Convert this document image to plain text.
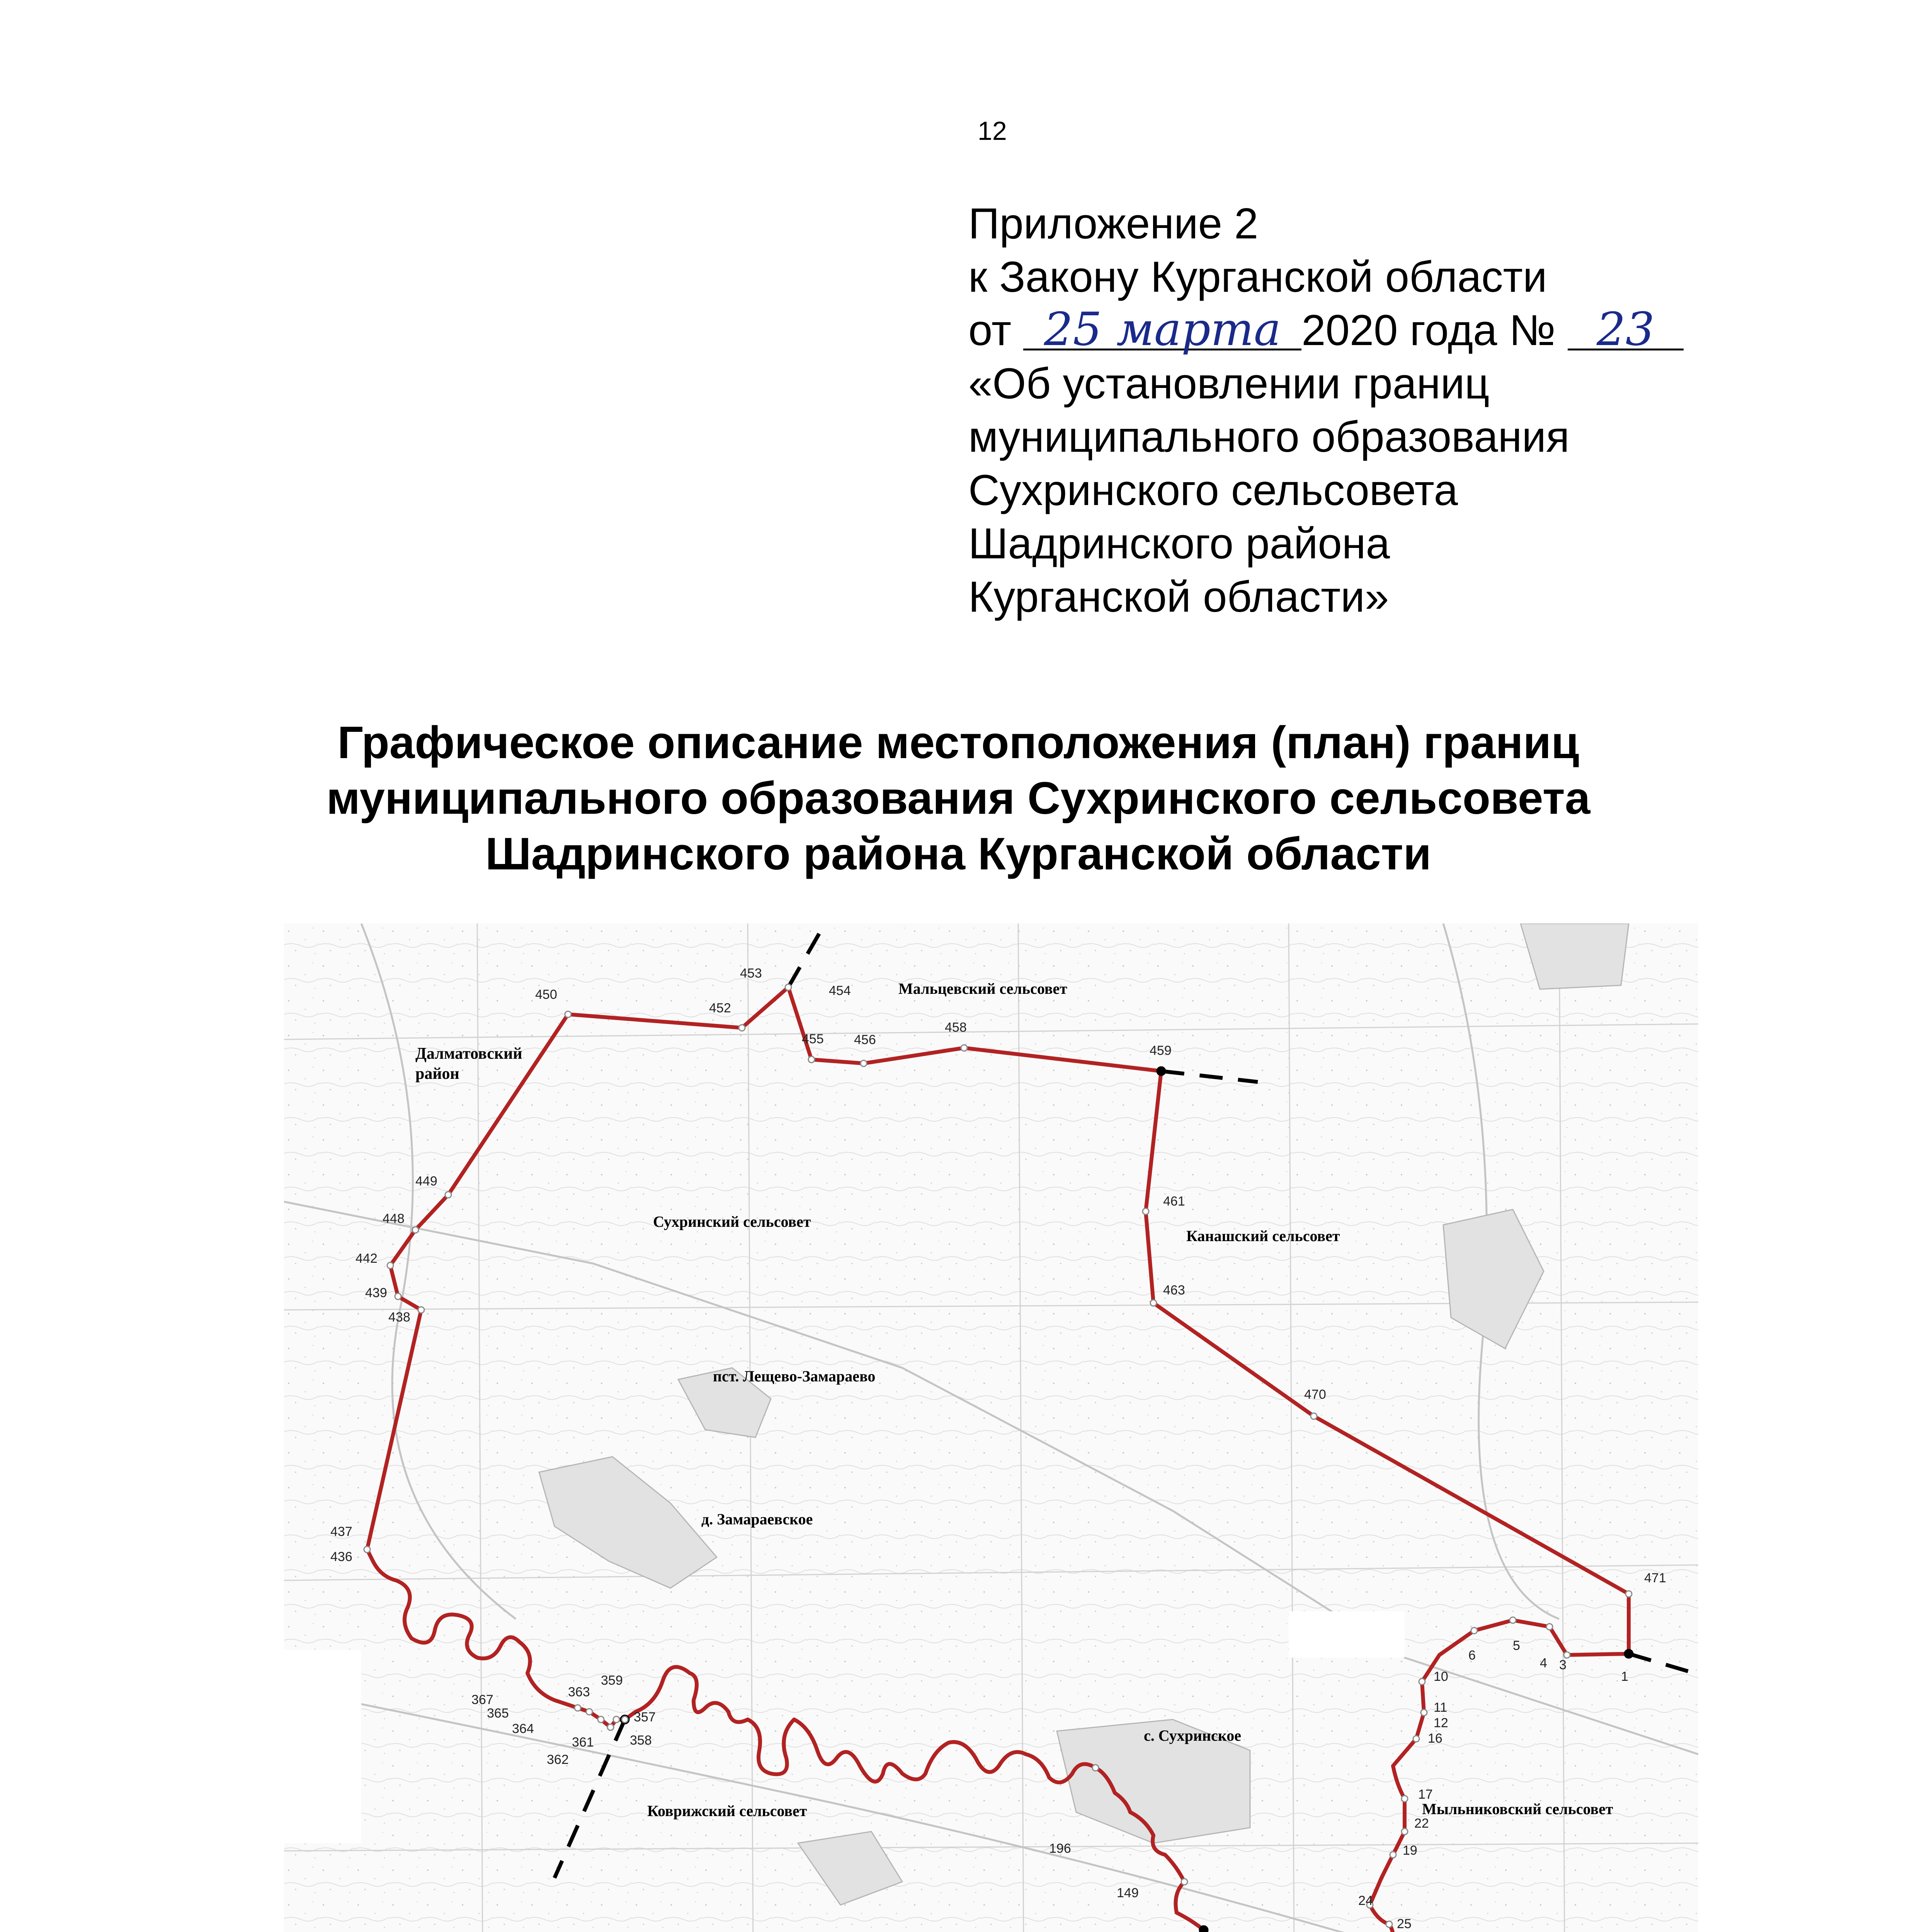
12
Приложение 2
к Закону Курганской области
от 25 марта 2020 года № 23
«Об установлении границ
муниципального образования
Сухринского сельсовета
Шадринского района
Курганской области»
Графическое описание местоположения (план) границ
муниципального образования Сухринского сельсовета
Шадринского района Курганской области
450
452
453
454
455 456
458
459
461
463
470
471
449
448
442
439
438
437
436
367
365
364
363
359
357
358
361
362
196
149
6
5
4 3
1
10
11
12
16
17
19
22
24
25
Далматовский
район
Мальцевский сельсовет
Сухринский сельсовет
Канашский сельсовет
Мыльниковский сельсовет
Коврижский сельсовет
пст. Лещево-Замараево
д. Замараевское
с. Сухринское
